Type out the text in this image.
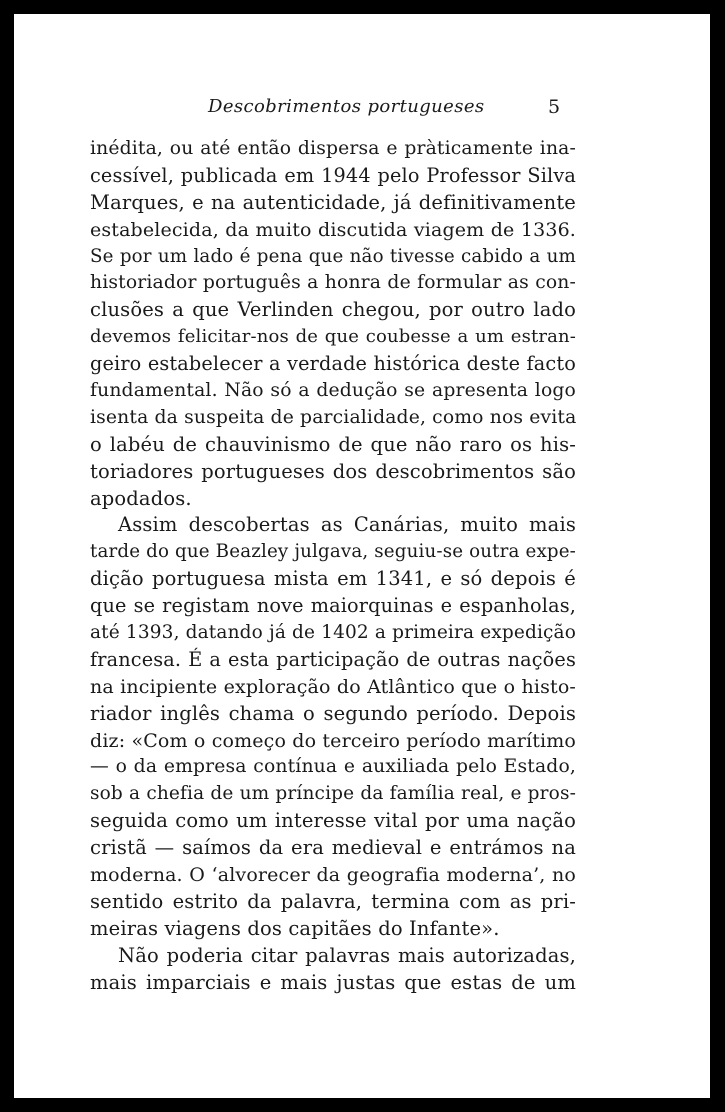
Descobrimentos portugueses	5
inédita, ou até então dispersa e pràticamente ina-
cessível, publicada em 1944 pelo Professor Silva
Marques, e na autenticidade, já definitivamente
estabelecida, da muito discutida viagem de 1336.
Se por um lado é pena que não tivesse cabido a um
historiador português a honra de formular as con-
clusões a que Verlinden chegou, por outro lado
devemos felicitar-nos de que coubesse a um estran-
geiro estabelecer a verdade histórica deste facto
fundamental. Não só a dedução se apresenta logo
isenta da suspeita de parcialidade, como nos evita
o labéu de chauvinismo de que não raro os his-
toriadores portugueses dos descobrimentos são
apodados.
Assim descobertas as Canárias, muito mais
tarde do que Beazley julgava, seguiu-se outra expe-
dição portuguesa mista em 1341, e só depois é
que se registam nove maiorquinas e espanholas,
até 1393, datando já de 1402 a primeira expedição
francesa. É a esta participação de outras nações
na incipiente exploração do Atlântico que o histo-
riador inglês chama o segundo período. Depois
diz: «Com o começo do terceiro período marítimo
— o da empresa contínua e auxiliada pelo Estado,
sob a chefia de um príncipe da família real, e pros-
seguida como um interesse vital por uma nação
cristã — saímos da era medieval e entrámos na
moderna. O ‘alvorecer da geografia moderna’, no
sentido estrito da palavra, termina com as pri-
meiras viagens dos capitães do Infante».
Não poderia citar palavras mais autorizadas,
mais imparciais e mais justas que estas de um
